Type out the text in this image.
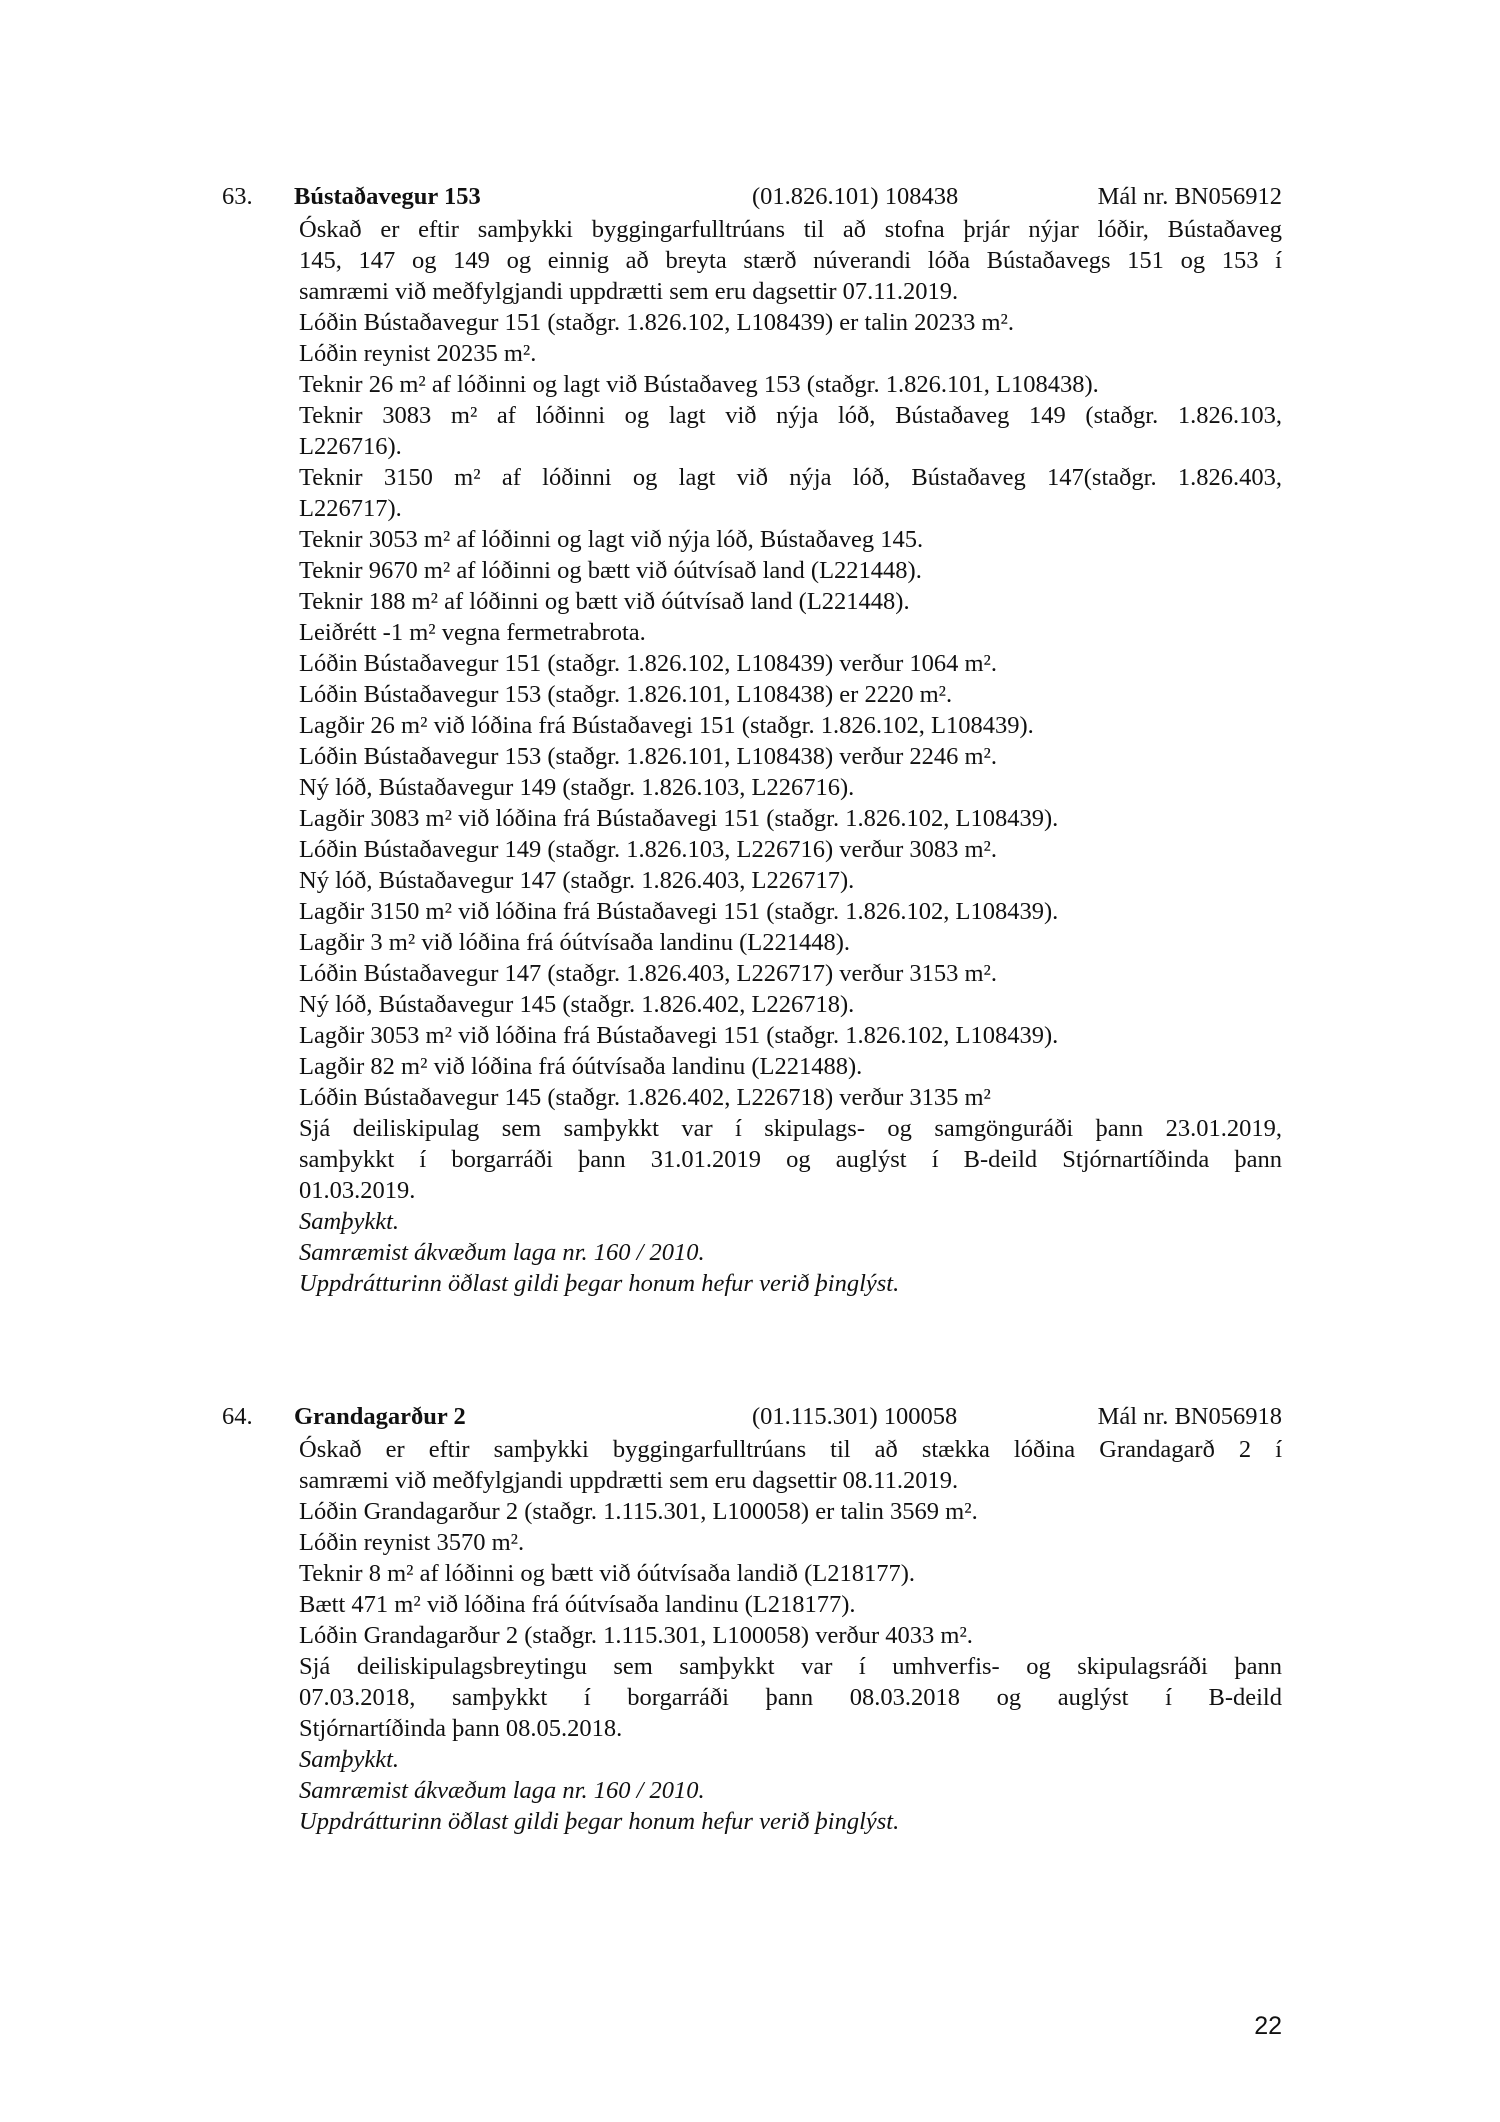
63. Bústaðavegur 153	(01.826.101) 108438	Mál nr. BN056912
Óskað er eftir samþykki byggingarfulltrúans til að stofna þrjár nýjar lóðir, Bústaðaveg
145, 147 og 149 og einnig að breyta stærð núverandi lóða Bústaðavegs 151 og 153 í
samræmi við meðfylgjandi uppdrætti sem eru dagsettir 07.11.2019.
Lóðin Bústaðavegur 151 (staðgr. 1.826.102, L108439) er talin 20233 m².
Lóðin reynist 20235 m².
Teknir 26 m² af lóðinni og lagt við Bústaðaveg 153 (staðgr. 1.826.101, L108438).
Teknir 3083 m² af lóðinni og lagt við nýja lóð, Bústaðaveg 149 (staðgr. 1.826.103,
L226716).
Teknir 3150 m² af lóðinni og lagt við nýja lóð, Bústaðaveg 147(staðgr. 1.826.403,
L226717).
Teknir 3053 m² af lóðinni og lagt við nýja lóð, Bústaðaveg 145.
Teknir 9670 m² af lóðinni og bætt við óútvísað land (L221448).
Teknir 188 m² af lóðinni og bætt við óútvísað land (L221448).
Leiðrétt -1 m² vegna fermetrabrota.
Lóðin Bústaðavegur 151 (staðgr. 1.826.102, L108439) verður 1064 m².
Lóðin Bústaðavegur 153 (staðgr. 1.826.101, L108438) er 2220 m².
Lagðir 26 m² við lóðina frá Bústaðavegi 151 (staðgr. 1.826.102, L108439).
Lóðin Bústaðavegur 153 (staðgr. 1.826.101, L108438) verður 2246 m².
Ný lóð, Bústaðavegur 149 (staðgr. 1.826.103, L226716).
Lagðir 3083 m² við lóðina frá Bústaðavegi 151 (staðgr. 1.826.102, L108439).
Lóðin Bústaðavegur 149 (staðgr. 1.826.103, L226716) verður 3083 m².
Ný lóð, Bústaðavegur 147 (staðgr. 1.826.403, L226717).
Lagðir 3150 m² við lóðina frá Bústaðavegi 151 (staðgr. 1.826.102, L108439).
Lagðir 3 m² við lóðina frá óútvísaða landinu (L221448).
Lóðin Bústaðavegur 147 (staðgr. 1.826.403, L226717) verður 3153 m².
Ný lóð, Bústaðavegur 145 (staðgr. 1.826.402, L226718).
Lagðir 3053 m² við lóðina frá Bústaðavegi 151 (staðgr. 1.826.102, L108439).
Lagðir 82 m² við lóðina frá óútvísaða landinu (L221488).
Lóðin Bústaðavegur 145 (staðgr. 1.826.402, L226718) verður 3135 m²
Sjá deiliskipulag sem samþykkt var í skipulags- og samgönguráði þann 23.01.2019,
samþykkt í borgarráði þann 31.01.2019 og auglýst í B-deild Stjórnartíðinda þann
01.03.2019.
Samþykkt.
Samræmist ákvæðum laga nr. 160 / 2010.
Uppdrátturinn öðlast gildi þegar honum hefur verið þinglýst.
64. Grandagarður 2	(01.115.301) 100058	Mál nr. BN056918
Óskað er eftir samþykki byggingarfulltrúans til að stækka lóðina Grandagarð 2 í
samræmi við meðfylgjandi uppdrætti sem eru dagsettir 08.11.2019.
Lóðin Grandagarður 2 (staðgr. 1.115.301, L100058) er talin 3569 m².
Lóðin reynist 3570 m².
Teknir 8 m² af lóðinni og bætt við óútvísaða landið (L218177).
Bætt 471 m² við lóðina frá óútvísaða landinu (L218177).
Lóðin Grandagarður 2 (staðgr. 1.115.301, L100058) verður 4033 m².
Sjá deiliskipulagsbreytingu sem samþykkt var í umhverfis- og skipulagsráði þann
07.03.2018, samþykkt í borgarráði þann 08.03.2018 og auglýst í B-deild
Stjórnartíðinda þann 08.05.2018.
Samþykkt.
Samræmist ákvæðum laga nr. 160 / 2010.
Uppdrátturinn öðlast gildi þegar honum hefur verið þinglýst.
22
